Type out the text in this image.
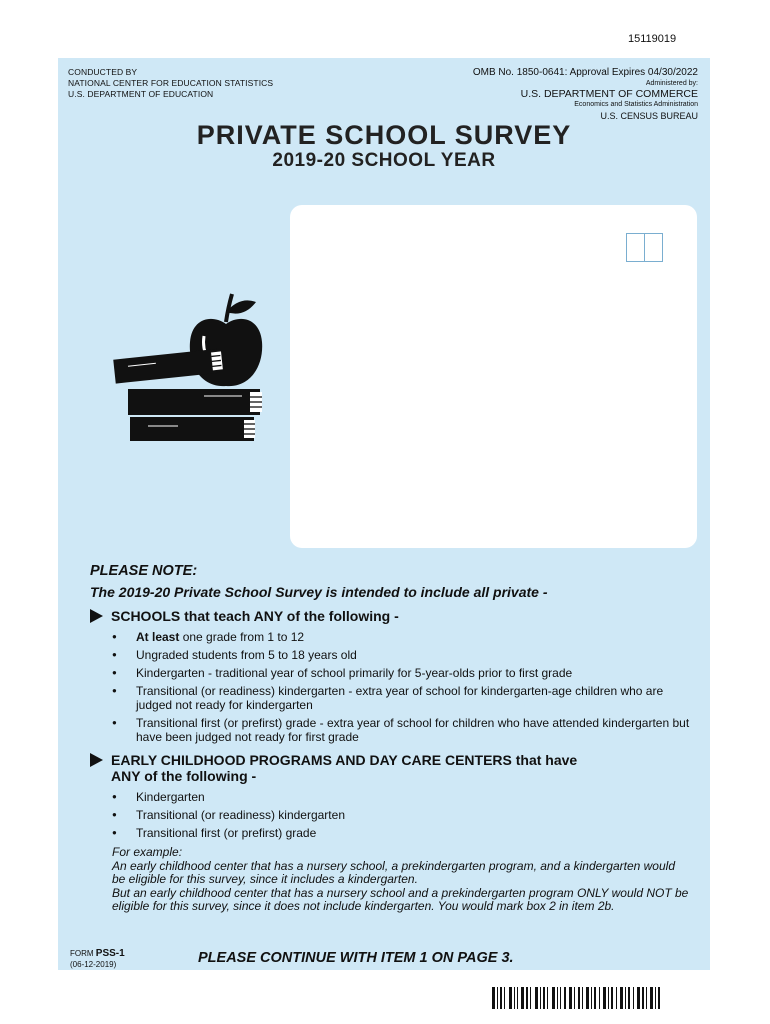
15119019
CONDUCTED BY
NATIONAL CENTER FOR EDUCATION STATISTICS
U.S. DEPARTMENT OF EDUCATION
OMB No. 1850-0641: Approval Expires 04/30/2022
Administered by:
U.S. DEPARTMENT OF COMMERCE
Economics and Statistics Administration
U.S. CENSUS BUREAU
PRIVATE SCHOOL SURVEY
2019-20 SCHOOL YEAR

PLEASE NOTE:

The 2019-20 Private School Survey is intended to include all private -

SCHOOLS that teach ANY of the following -
● At least one grade from 1 to 12
● Ungraded students from 5 to 18 years old
● Kindergarten - traditional year of school primarily for 5-year-olds prior to first grade
● Transitional (or readiness) kindergarten - extra year of school for kindergarten-age children who are judged not ready for kindergarten
● Transitional first (or prefirst) grade - extra year of school for children who have attended kindergarten but have been judged not ready for first grade
EARLY CHILDHOOD PROGRAMS AND DAY CARE CENTERS that have
ANY of the following -
● Kindergarten
● Transitional (or readiness) kindergarten
● Transitional first (or prefirst) grade

For example:

An early childhood center that has a nursery school, a prekindergarten program, and a kindergarten would be eligible for this survey, since it includes a kindergarten.

But an early childhood center that has a nursery school and a prekindergarten program ONLY would NOT be eligible for this survey, since it does not include kindergarten. You would mark box 2 in item 2b.

FORM PSS-1
(06-12-2019)	PLEASE CONTINUE WITH ITEM 1 ON PAGE 3.
